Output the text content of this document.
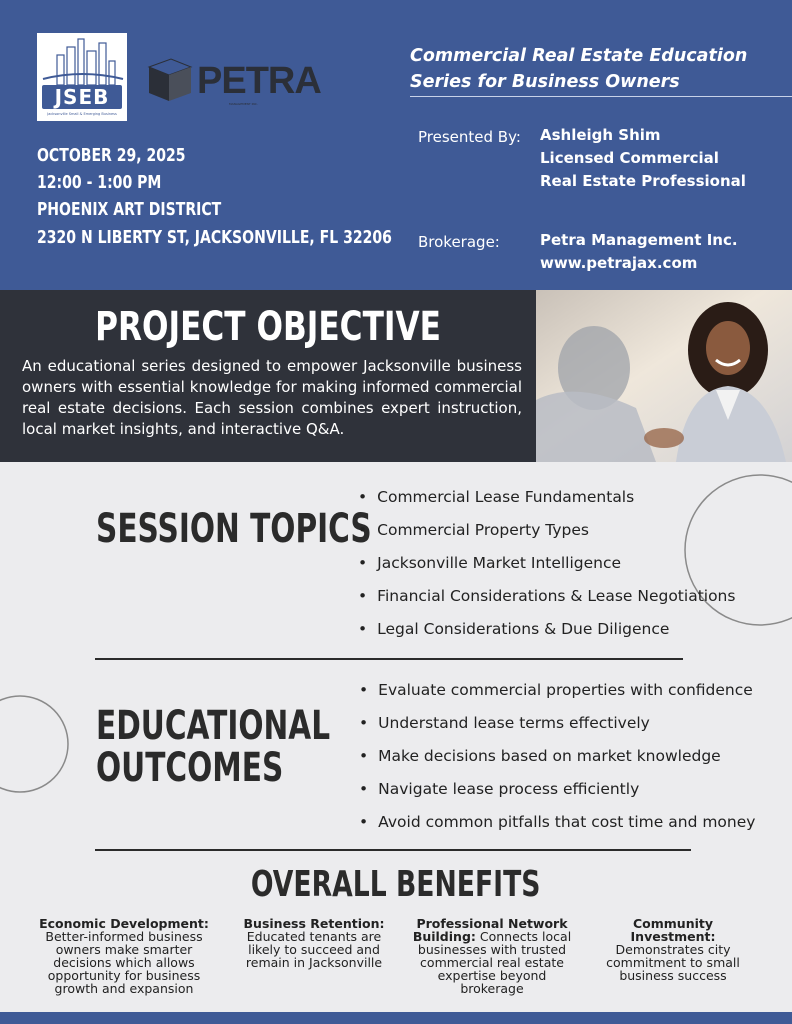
JSEB
Jacksonville Small & Emerging Business
PETRA
MANAGEMENT INC.
Commercial Real Estate Education
Series for Business Owners
OCTOBER 29, 2025
12:00 - 1:00 PM
PHOENIX ART DISTRICT
2320 N LIBERTY ST, JACKSONVILLE, FL 32206
Presented By: Ashleigh Shim
Licensed Commercial
Real Estate Professional
Brokerage:	Petra Management Inc.
www.petrajax.com
PROJECT OBJECTIVE
An educational series designed to empower Jacksonville business owners with essential knowledge for making informed commercial real estate decisions. Each session combines expert instruction, local market insights, and interactive Q&A.
SESSION TOPICS
• Commercial Lease Fundamentals
• Commercial Property Types
• Jacksonville Market Intelligence
• Financial Considerations & Lease Negotiations
• Legal Considerations & Due Diligence
EDUCATIONAL
OUTCOMES
• Evaluate commercial properties with confidence
• Understand lease terms effectively
• Make decisions based on market knowledge
• Navigate lease process efficiently
• Avoid common pitfalls that cost time and money
OVERALL BENEFITS
Economic Development:
Better-informed business owners make smarter decisions which allows opportunity for business growth and expansion
Business Retention:
Educated tenants are likely to succeed and remain in Jacksonville
Professional Network Building: Connects local businesses with trusted commercial real estate expertise beyond brokerage
Community Investment:
Demonstrates city commitment to small business success
